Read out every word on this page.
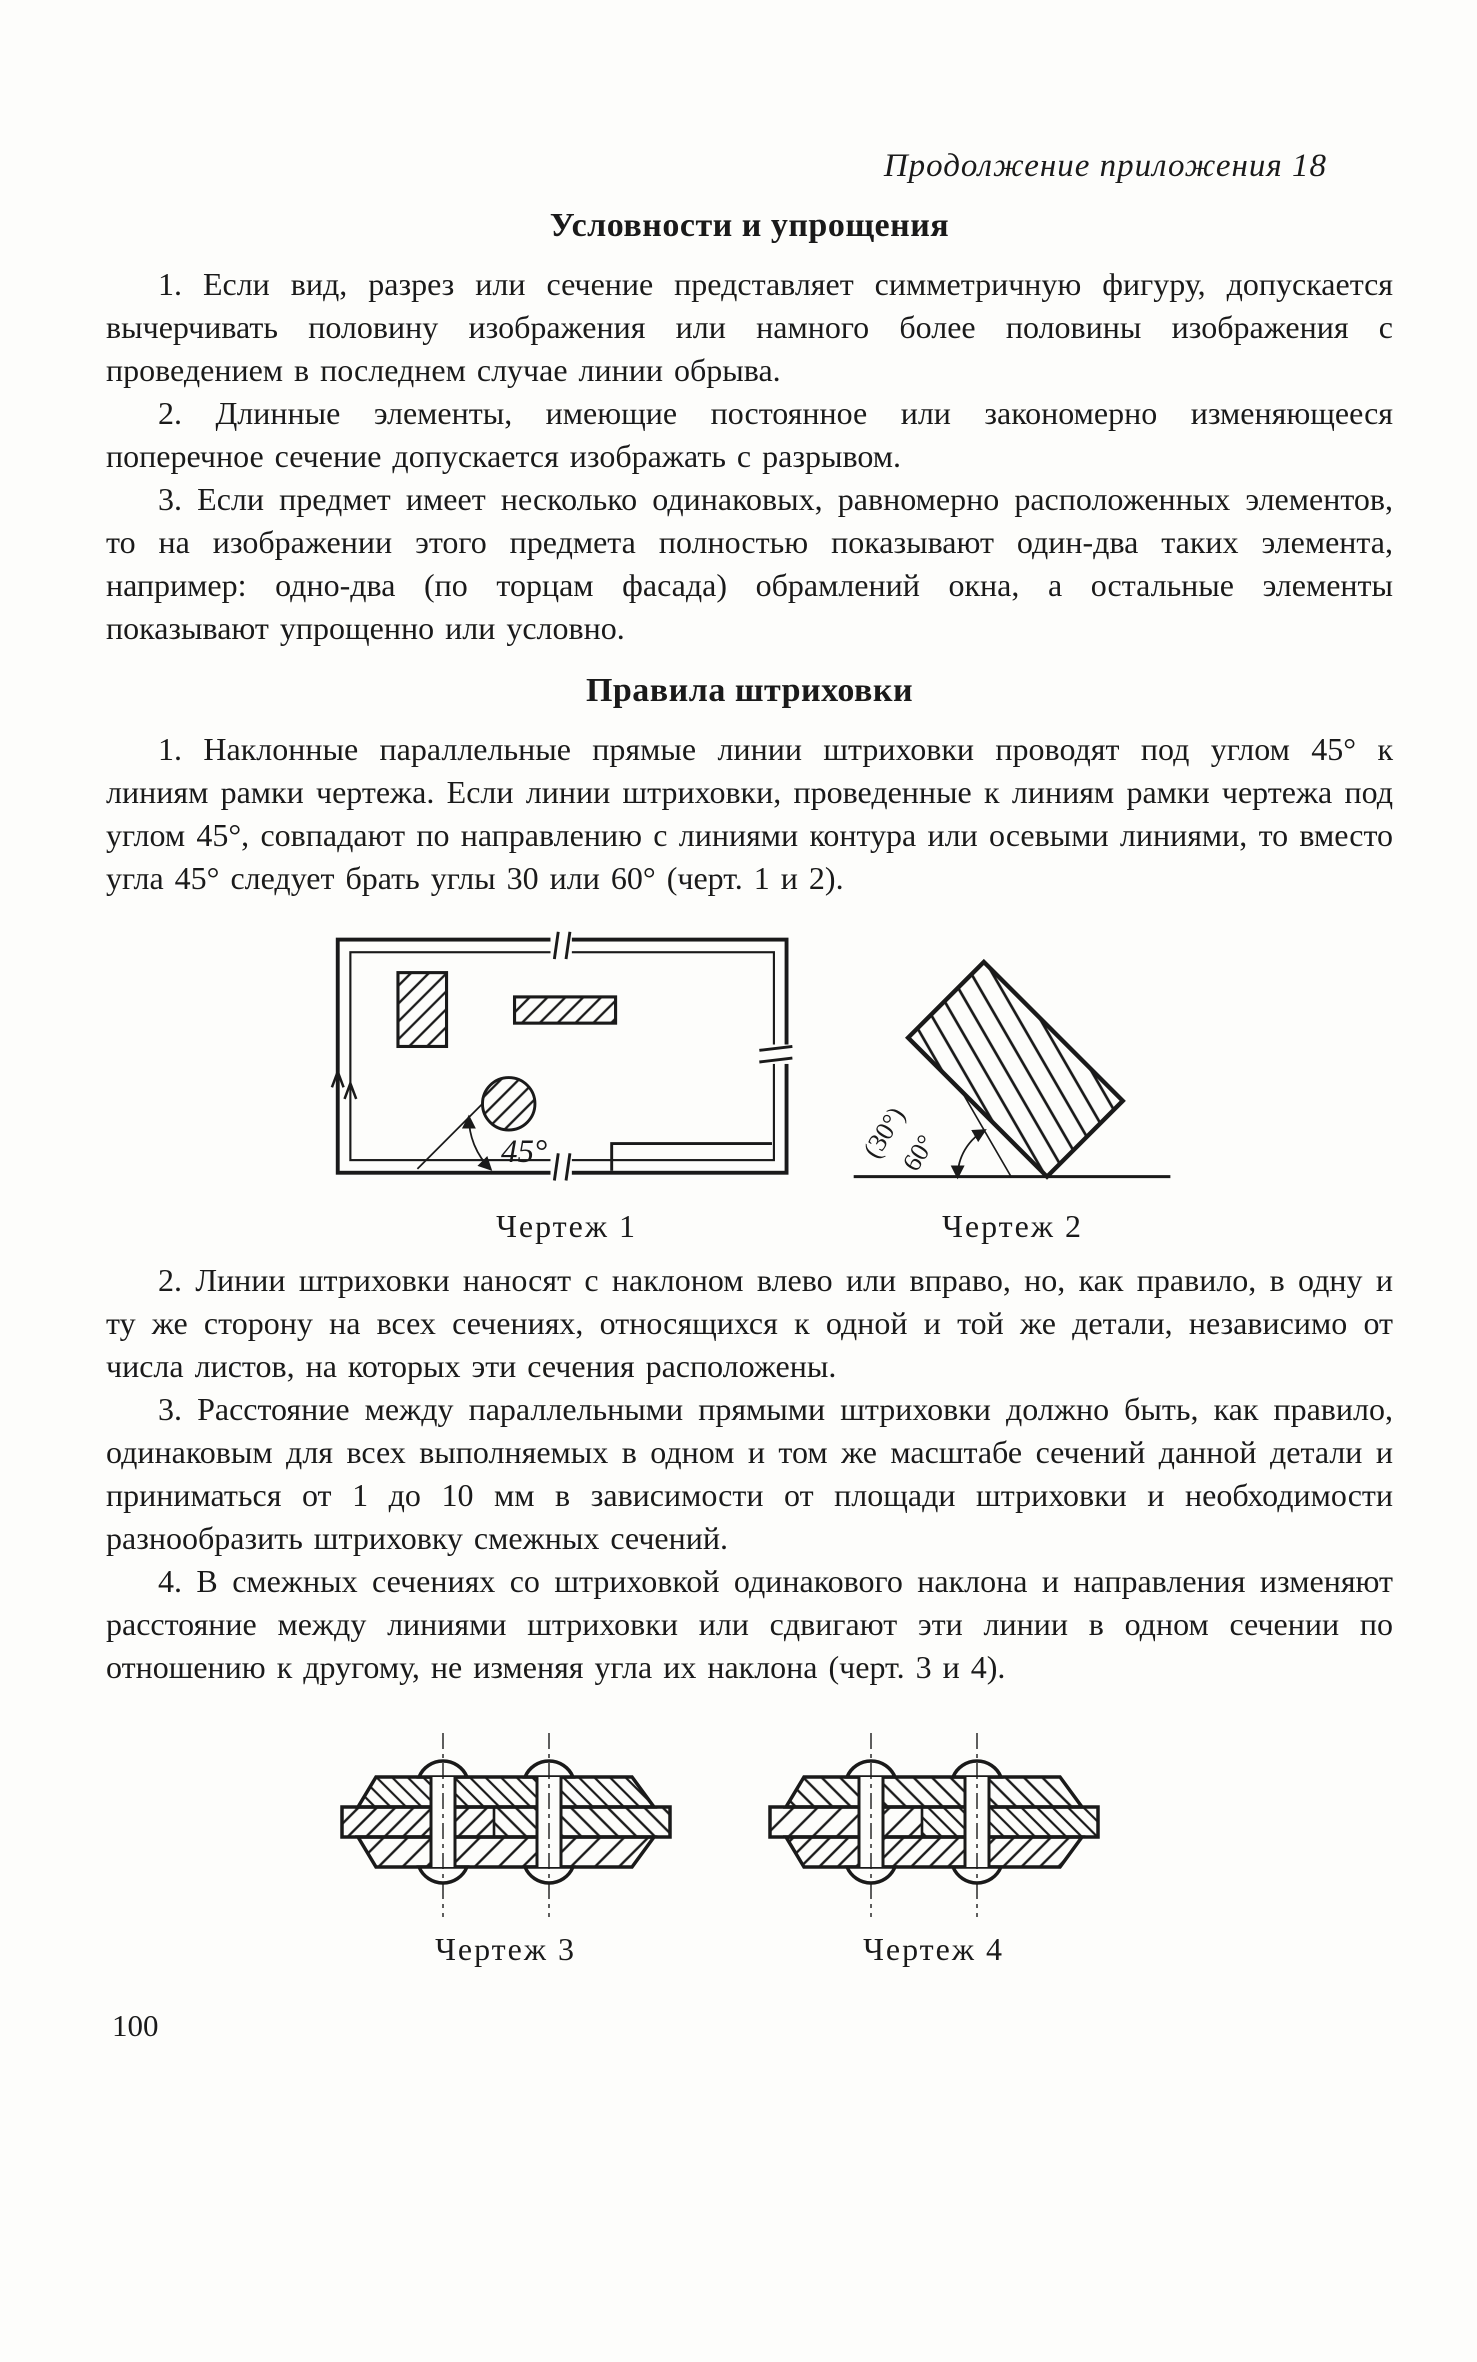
Продолжение приложения 18
Условности и упрощения

1. Если вид, разрез или сечение представляет симметричную фигуру, допускается вычерчивать половину изображения или намного более половины изображения с проведением в последнем случае линии обрыва.

2. Длинные элементы, имеющие постоянное или закономерно изменяющееся поперечное сечение допускается изображать с разрывом.

3. Если предмет имеет несколько одинаковых, равномерно расположенных элементов, то на изображении этого предмета полностью показывают один-два таких элемента, например: одно-два (по торцам фасада) обрамлений окна, а остальные элементы показывают упрощенно или условно.

Правила штриховки

1. Наклонные параллельные прямые линии штриховки проводят под углом 45° к линиям рамки чертежа. Если линии штриховки, проведенные к линиям рамки чертежа под углом 45°, совпадают по направлению с линиями контура или осевыми линиями, то вместо угла 45° следует брать углы 30 или 60° (черт. 1 и 2).

45°	(30°)
60°
Чертеж 1	Чертеж 2

2. Линии штриховки наносят с наклоном влево или вправо, но, как правило, в одну и ту же сторону на всех сечениях, относящихся к одной и той же детали, независимо от числа листов, на которых эти сечения расположены.

3. Расстояние между параллельными прямыми штриховки должно быть, как правило, одинаковым для всех выполняемых в одном и том же масштабе сечений данной детали и приниматься от 1 до 10 мм в зависимости от площади штриховки и необходимости разнообразить штриховку смежных сечений.

4. В смежных сечениях со штриховкой одинакового наклона и направления изменяют расстояние между линиями штриховки или сдвигают эти линии в одном сечении по отношению к другому, не изменяя угла их наклона (черт. 3 и 4).

Чертеж 3	Чертеж 4
100
